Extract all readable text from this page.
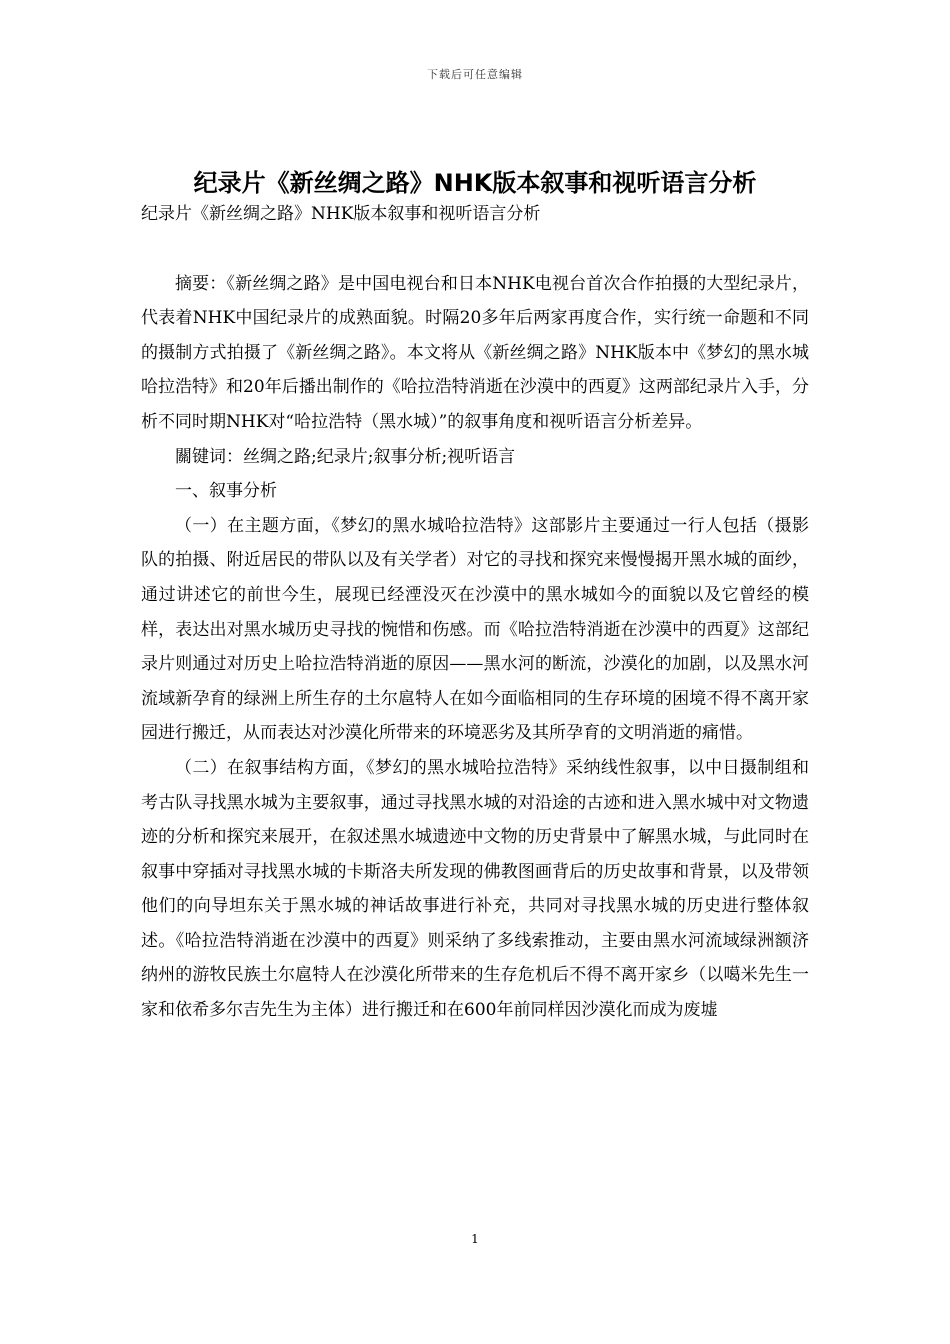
下载后可任意编辑
纪录片《新丝绸之路》NHK版本叙事和视听语言分析

纪录片《新丝绸之路》NHK版本叙事和视听语言分析

摘要：《新丝绸之路》是中国电视台和日本NHK电视台首次合作拍摄的大型纪录片，代表着NHK中国纪录片的成熟面貌。时隔20多年后两家再度合作，实行统一命题和不同的摄制方式拍摄了《新丝绸之路》。本文将从《新丝绸之路》NHK版本中《梦幻的黑水城哈拉浩特》和20年后播出制作的《哈拉浩特消逝在沙漠中的西夏》这两部纪录片入手，分析不同时期NHK对“哈拉浩特（黑水城）”的叙事角度和视听语言分析差异。

關键词：丝绸之路;纪录片;叙事分析;视听语言

一、叙事分析

（一）在主题方面，《梦幻的黑水城哈拉浩特》这部影片主要通过一行人包括（摄影队的拍摄、附近居民的带队以及有关学者）对它的寻找和探究来慢慢揭开黑水城的面纱，通过讲述它的前世今生，展现已经湮没灭在沙漠中的黑水城如今的面貌以及它曾经的模样，表达出对黑水城历史寻找的惋惜和伤感。而《哈拉浩特消逝在沙漠中的西夏》这部纪录片则通过对历史上哈拉浩特消逝的原因——黑水河的断流，沙漠化的加剧，以及黑水河流域新孕育的绿洲上所生存的土尔扈特人在如今面临相同的生存环境的困境不得不离开家园进行搬迁，从而表达对沙漠化所带来的环境恶劣及其所孕育的文明消逝的痛惜。

（二）在叙事结构方面，《梦幻的黑水城哈拉浩特》采纳线性叙事，以中日摄制组和考古队寻找黑水城为主要叙事，通过寻找黑水城的对沿途的古迹和进入黑水城中对文物遗迹的分析和探究来展开，在叙述黑水城遗迹中文物的历史背景中了解黑水城，与此同时在叙事中穿插对寻找黑水城的卡斯洛夫所发现的佛教图画背后的历史故事和背景，以及带领他们的向导坦东关于黑水城的神话故事进行补充，共同对寻找黑水城的历史进行整体叙述。《哈拉浩特消逝在沙漠中的西夏》则采纳了多线索推动，主要由黑水河流域绿洲额济纳州的游牧民族土尔扈特人在沙漠化所带来的生存危机后不得不离开家乡（以噶米先生一家和依希多尔吉先生为主体）进行搬迁和在600年前同样因沙漠化而成为废墟

1
